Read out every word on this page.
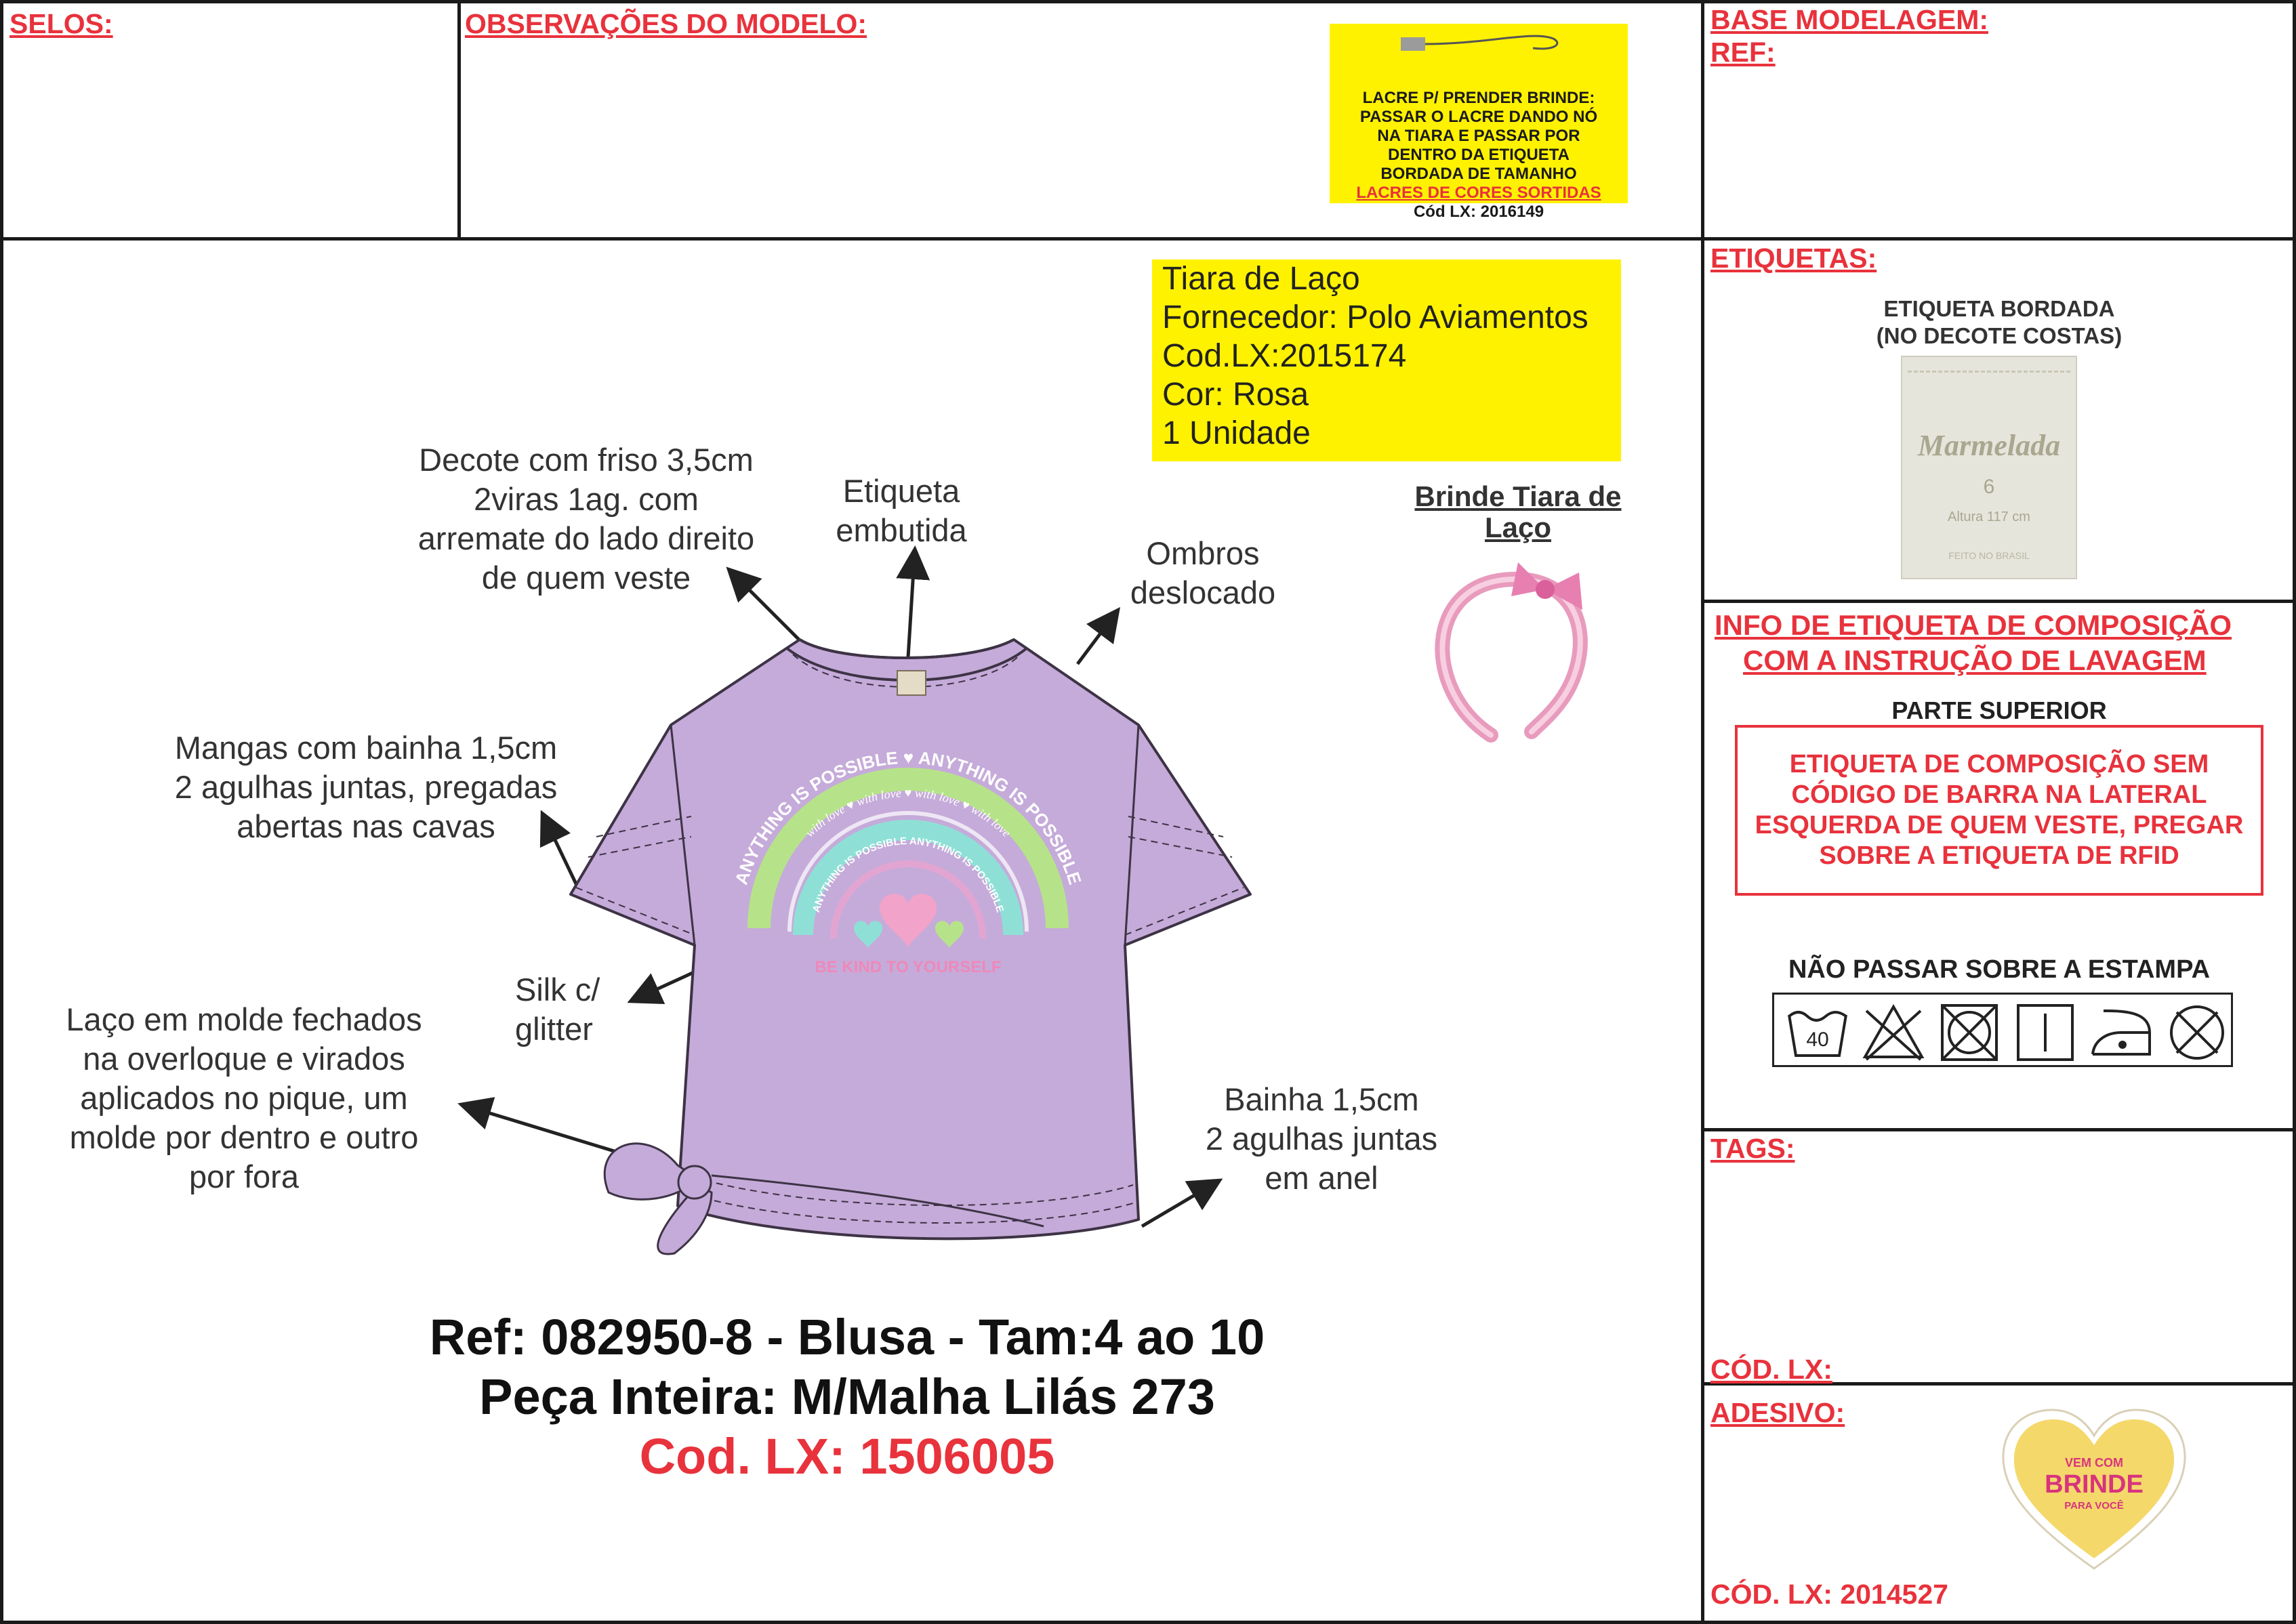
SELOS:	OBSERVAÇÕES DO MODELO:	BASE MODELAGEM:
REF:
ETIQUETAS:
INFO DE ETIQUETA DE COMPOSIÇÃO
COM A INSTRUÇÃO DE LAVAGEM
TAGS:
CÓD. LX:
ADESIVO:
CÓD. LX: 2014527
LACRE P/ PRENDER BRINDE:
PASSAR O LACRE DANDO NÓ
NA TIARA E PASSAR POR
DENTRO DA ETIQUETA
BORDADA DE TAMANHO
LACRES DE CORES SORTIDAS
Cód LX: 2016149
Tiara de Laço
Fornecedor: Polo Aviamentos
Cod.LX:2015174
Cor: Rosa
1 Unidade
Brinde Tiara de
Laço
Decote com friso 3,5cm
2viras 1ag. com
arremate do lado direito
de quem veste
Etiqueta
embutida
Ombros
deslocado
Mangas com bainha 1,5cm
2 agulhas juntas, pregadas
abertas nas cavas
Silk c/
glitter
Laço em molde fechados
na overloque e virados
aplicados no pique, um
molde por dentro e outro
por fora
Bainha 1,5cm
2 agulhas juntas
em anel
ANYTHING IS POSSIBLE ♥ ANYTHING IS POSSIBLE
with love ♥ with love ♥ with love ♥ with love
ANYTHING IS POSSIBLE ANYTHING IS POSSIBLE
BE KIND TO YOURSELF
Ref: 082950-8 - Blusa - Tam:4 ao 10
Peça Inteira: M/Malha Lilás 273
Cod. LX: 1506005
ETIQUETA BORDADA
(NO DECOTE COSTAS)
Marmelada
6
Altura 117 cm
FEITO NO BRASIL
PARTE SUPERIOR
ETIQUETA DE COMPOSIÇÃO SEM
CÓDIGO DE BARRA NA LATERAL
ESQUERDA DE QUEM VESTE, PREGAR
SOBRE A ETIQUETA DE RFID
NÃO PASSAR SOBRE A ESTAMPA
40
VEM COM
BRINDE
PARA VOCÊ
